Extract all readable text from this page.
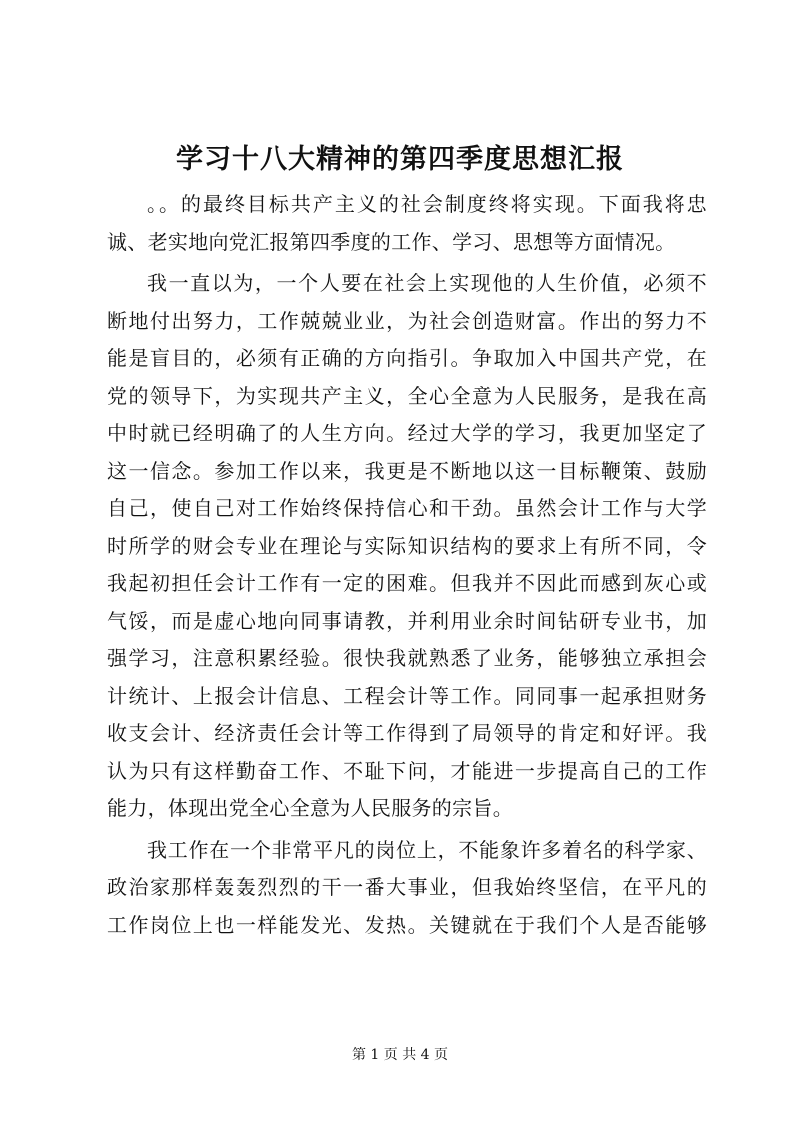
学习十八大精神的第四季度思想汇报

。。的最终目标共产主义的社会制度终将实现。下面我将忠
诚、老实地向党汇报第四季度的工作、学习、思想等方面情况。

我一直以为，一个人要在社会上实现他的人生价值，必须不
断地付出努力，工作兢兢业业，为社会创造财富。作出的努力不
能是盲目的，必须有正确的方向指引。争取加入中国共产党，在
党的领导下，为实现共产主义，全心全意为人民服务，是我在高
中时就已经明确了的人生方向。经过大学的学习，我更加坚定了
这一信念。参加工作以来，我更是不断地以这一目标鞭策、鼓励
自己，使自己对工作始终保持信心和干劲。虽然会计工作与大学
时所学的财会专业在理论与实际知识结构的要求上有所不同，令
我起初担任会计工作有一定的困难。但我并不因此而感到灰心或
气馁，而是虚心地向同事请教，并利用业余时间钻研专业书，加
强学习，注意积累经验。很快我就熟悉了业务，能够独立承担会
计统计、上报会计信息、工程会计等工作。同同事一起承担财务
收支会计、经济责任会计等工作得到了局领导的肯定和好评。我
认为只有这样勤奋工作、不耻下问，才能进一步提高自己的工作
能力，体现出党全心全意为人民服务的宗旨。

我工作在一个非常平凡的岗位上，不能象许多着名的科学家、
政治家那样轰轰烈烈的干一番大事业，但我始终坚信，在平凡的
工作岗位上也一样能发光、发热。关键就在于我们个人是否能够

第 1 页 共 4 页
